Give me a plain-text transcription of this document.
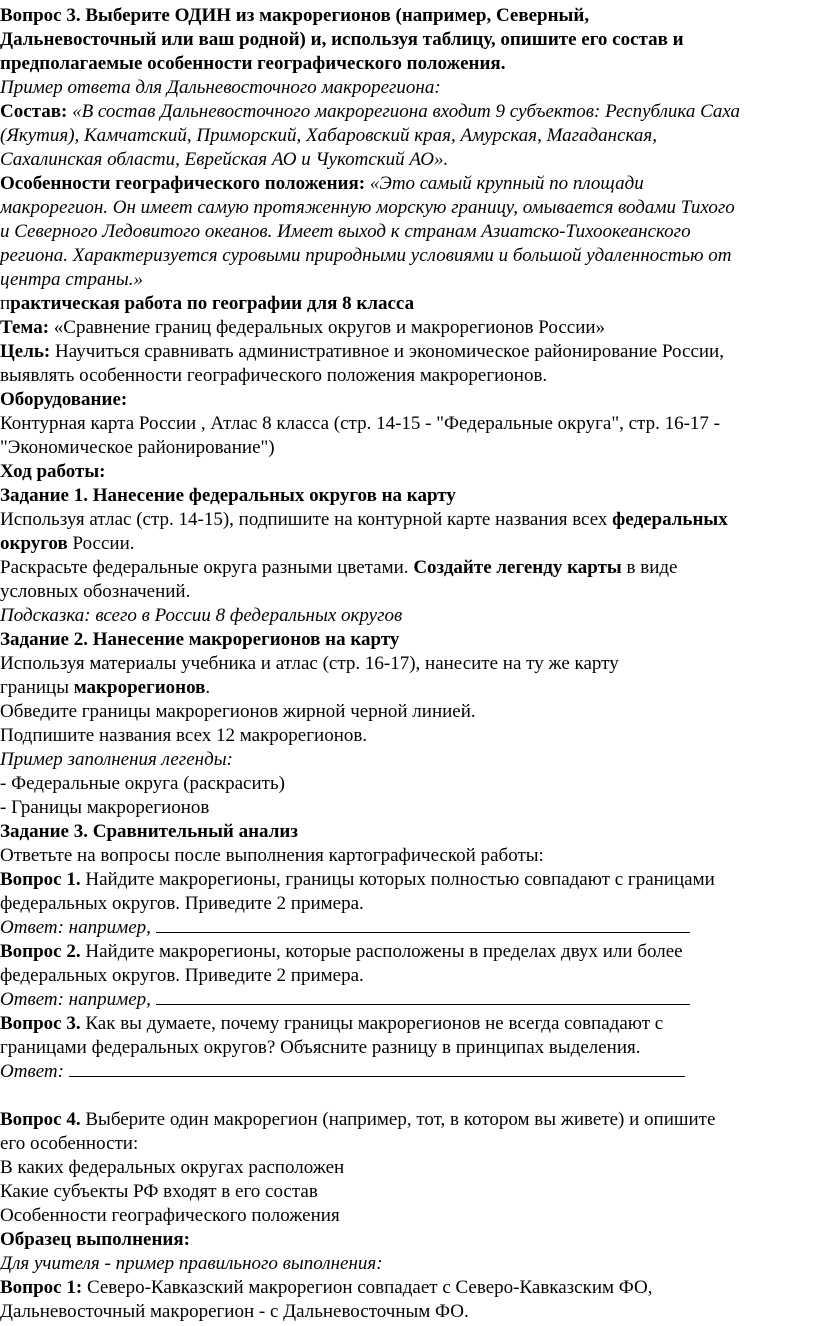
Вопрос 3. Выберите ОДИН из макрорегионов (например, Северный,
Дальневосточный или ваш родной) и, используя таблицу, опишите его состав и
предполагаемые особенности географического положения.
Пример ответа для Дальневосточного макрорегиона:
Состав: «В состав Дальневосточного макрорегиона входит 9 субъектов: Республика Саха
(Якутия), Камчатский, Приморский, Хабаровский края, Амурская, Магаданская,
Сахалинская области, Еврейская АО и Чукотский АО».
Особенности географического положения: «Это самый крупный по площади
макрорегион. Он имеет самую протяженную морскую границу, омывается водами Тихого
и Северного Ледовитого океанов. Имеет выход к странам Азиатско-Тихоокеанского
региона. Характеризуется суровыми природными условиями и большой удаленностью от
центра страны.»
практическая работа по географии для 8 класса
Тема: «Сравнение границ федеральных округов и макрорегионов России»
Цель: Научиться сравнивать административное и экономическое районирование России,
выявлять особенности географического положения макрорегионов.
Оборудование:
Контурная карта России , Атлас 8 класса (стр. 14-15 - "Федеральные округа", стр. 16-17 -
"Экономическое районирование")
Ход работы:
Задание 1. Нанесение федеральных округов на карту
Используя атлас (стр. 14-15), подпишите на контурной карте названия всех федеральных
округов России.
Раскрасьте федеральные округа разными цветами. Создайте легенду карты в виде
условных обозначений.
Подсказка: всего в России 8 федеральных округов
Задание 2. Нанесение макрорегионов на карту
Используя материалы учебника и атлас (стр. 16-17), нанесите на ту же карту
границы макрорегионов.
Обведите границы макрорегионов жирной черной линией.
Подпишите названия всех 12 макрорегионов.
Пример заполнения легенды:
- Федеральные округа (раскрасить)
- Границы макрорегионов
Задание 3. Сравнительный анализ
Ответьте на вопросы после выполнения картографической работы:
Вопрос 1. Найдите макрорегионы, границы которых полностью совпадают с границами
федеральных округов. Приведите 2 примера.
Ответ: например,
Вопрос 2. Найдите макрорегионы, которые расположены в пределах двух или более
федеральных округов. Приведите 2 примера.
Ответ: например,
Вопрос 3. Как вы думаете, почему границы макрорегионов не всегда совпадают с
границами федеральных округов? Объясните разницу в принципах выделения.
Ответ:
Вопрос 4. Выберите один макрорегион (например, тот, в котором вы живете) и опишите
его особенности:
В каких федеральных округах расположен
Какие субъекты РФ входят в его состав
Особенности географического положения
Образец выполнения:
Для учителя - пример правильного выполнения:
Вопрос 1: Северо-Кавказский макрорегион совпадает с Северо-Кавказским ФО,
Дальневосточный макрорегион - с Дальневосточным ФО.
